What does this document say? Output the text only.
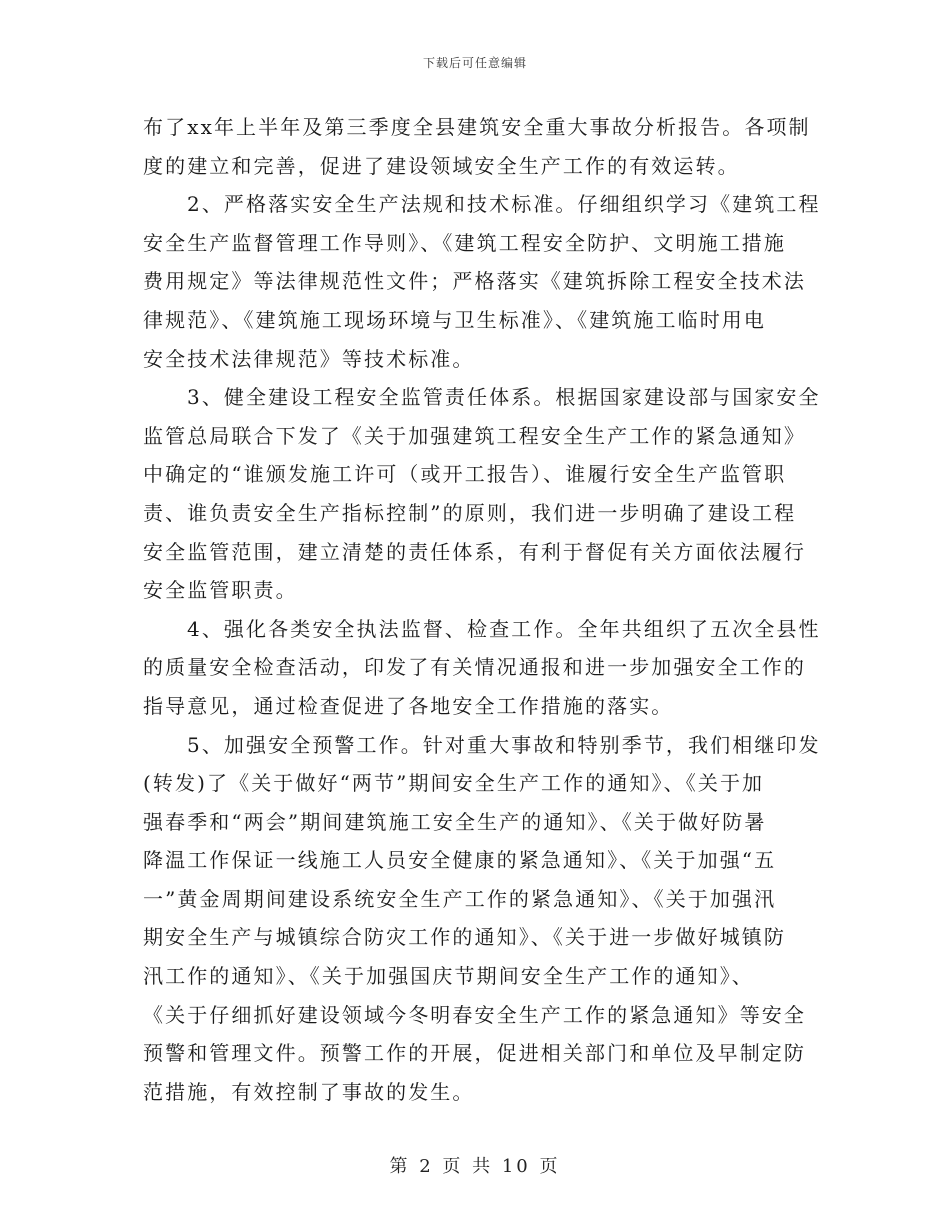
下载后可任意编辑
布了xx年上半年及第三季度全县建筑安全重大事故分析报告。各项制
度的建立和完善，促进了建设领域安全生产工作的有效运转。
2、严格落实安全生产法规和技术标准。仔细组织学习《建筑工程
安全生产监督管理工作导则》、《建筑工程安全防护、文明施工措施
费用规定》等法律规范性文件；严格落实《建筑拆除工程安全技术法
律规范》、《建筑施工现场环境与卫生标准》、《建筑施工临时用电
安全技术法律规范》等技术标准。
3、健全建设工程安全监管责任体系。根据国家建设部与国家安全
监管总局联合下发了《关于加强建筑工程安全生产工作的紧急通知》
中确定的“谁颁发施工许可（或开工报告）、谁履行安全生产监管职
责、谁负责安全生产指标控制”的原则，我们进一步明确了建设工程
安全监管范围，建立清楚的责任体系，有利于督促有关方面依法履行
安全监管职责。
4、强化各类安全执法监督、检查工作。全年共组织了五次全县性
的质量安全检查活动，印发了有关情况通报和进一步加强安全工作的
指导意见，通过检查促进了各地安全工作措施的落实。
5、加强安全预警工作。针对重大事故和特别季节，我们相继印发
(转发)了《关于做好“两节”期间安全生产工作的通知》、《关于加
强春季和“两会”期间建筑施工安全生产的通知》、《关于做好防暑
降温工作保证一线施工人员安全健康的紧急通知》、《关于加强“五
一”黄金周期间建设系统安全生产工作的紧急通知》、《关于加强汛
期安全生产与城镇综合防灾工作的通知》、《关于进一步做好城镇防
汛工作的通知》、《关于加强国庆节期间安全生产工作的通知》、
《关于仔细抓好建设领域今冬明春安全生产工作的紧急通知》等安全
预警和管理文件。预警工作的开展，促进相关部门和单位及早制定防
范措施，有效控制了事故的发生。
第 2 页 共 10 页
